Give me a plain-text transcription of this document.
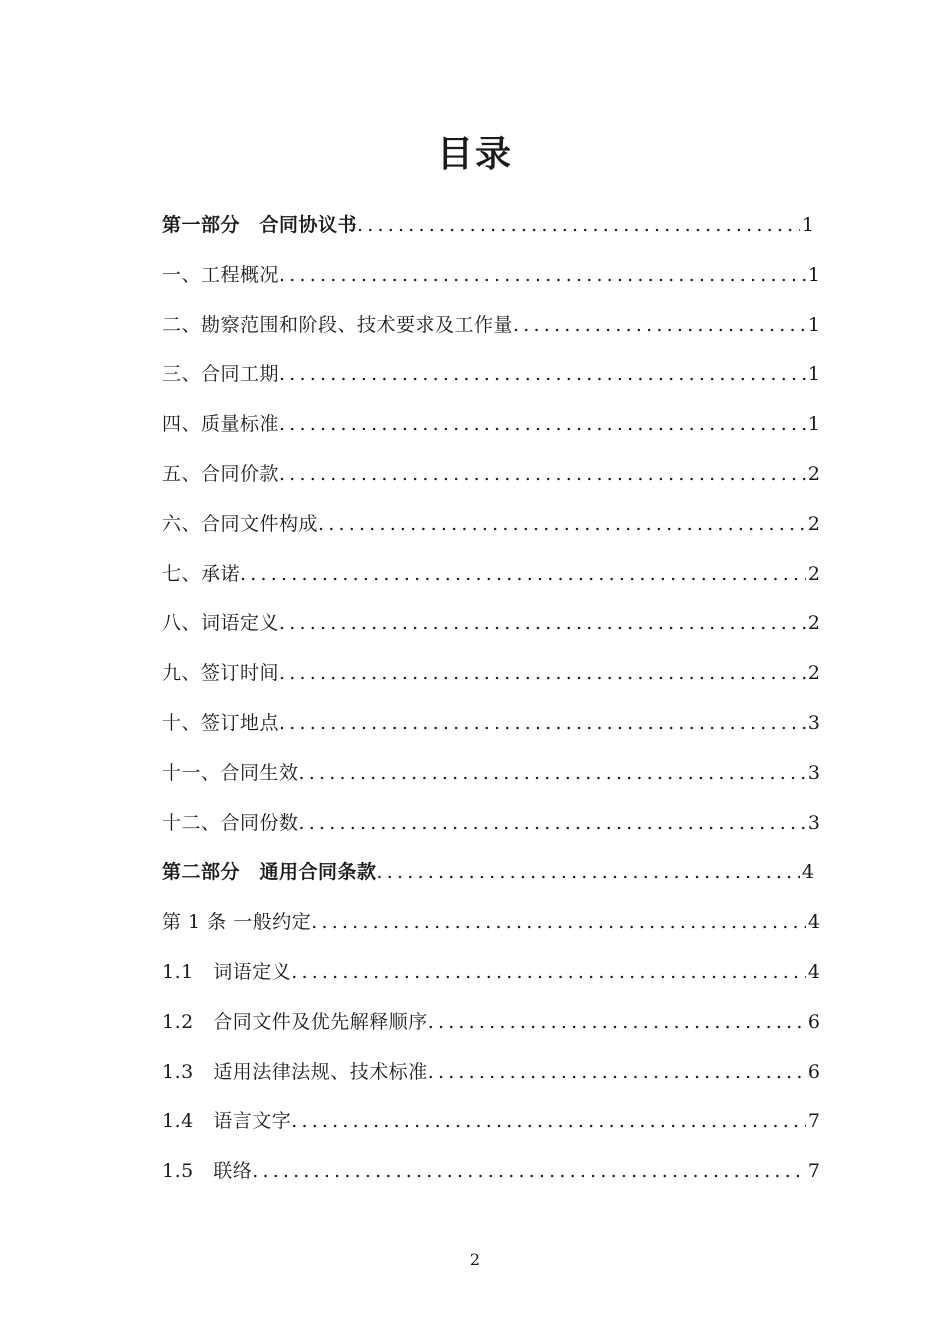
目录
第一部分　合同协议书 .....	1
一、工程概况 .....	1
二、勘察范围和阶段、技术要求及工作量 .....	1
三、合同工期 .....	1
四、质量标准 .....	1
五、合同价款 .....	2
六、合同文件构成 .....	2
七、承诺 .....	2
八、词语定义 .....	2
九、签订时间 .....	2
十、签订地点 .....	3
十一、合同生效 .....	3
十二、合同份数 .....	3
第二部分　通用合同条款 .....	4
第 1 条 一般约定 .....	4
1.1　词语定义 .....	4
1.2　合同文件及优先解释顺序 .....	6
1.3　适用法律法规、技术标准 .....	6
1.4　语言文字 .....	7
1.5　联络 .....	7
2
